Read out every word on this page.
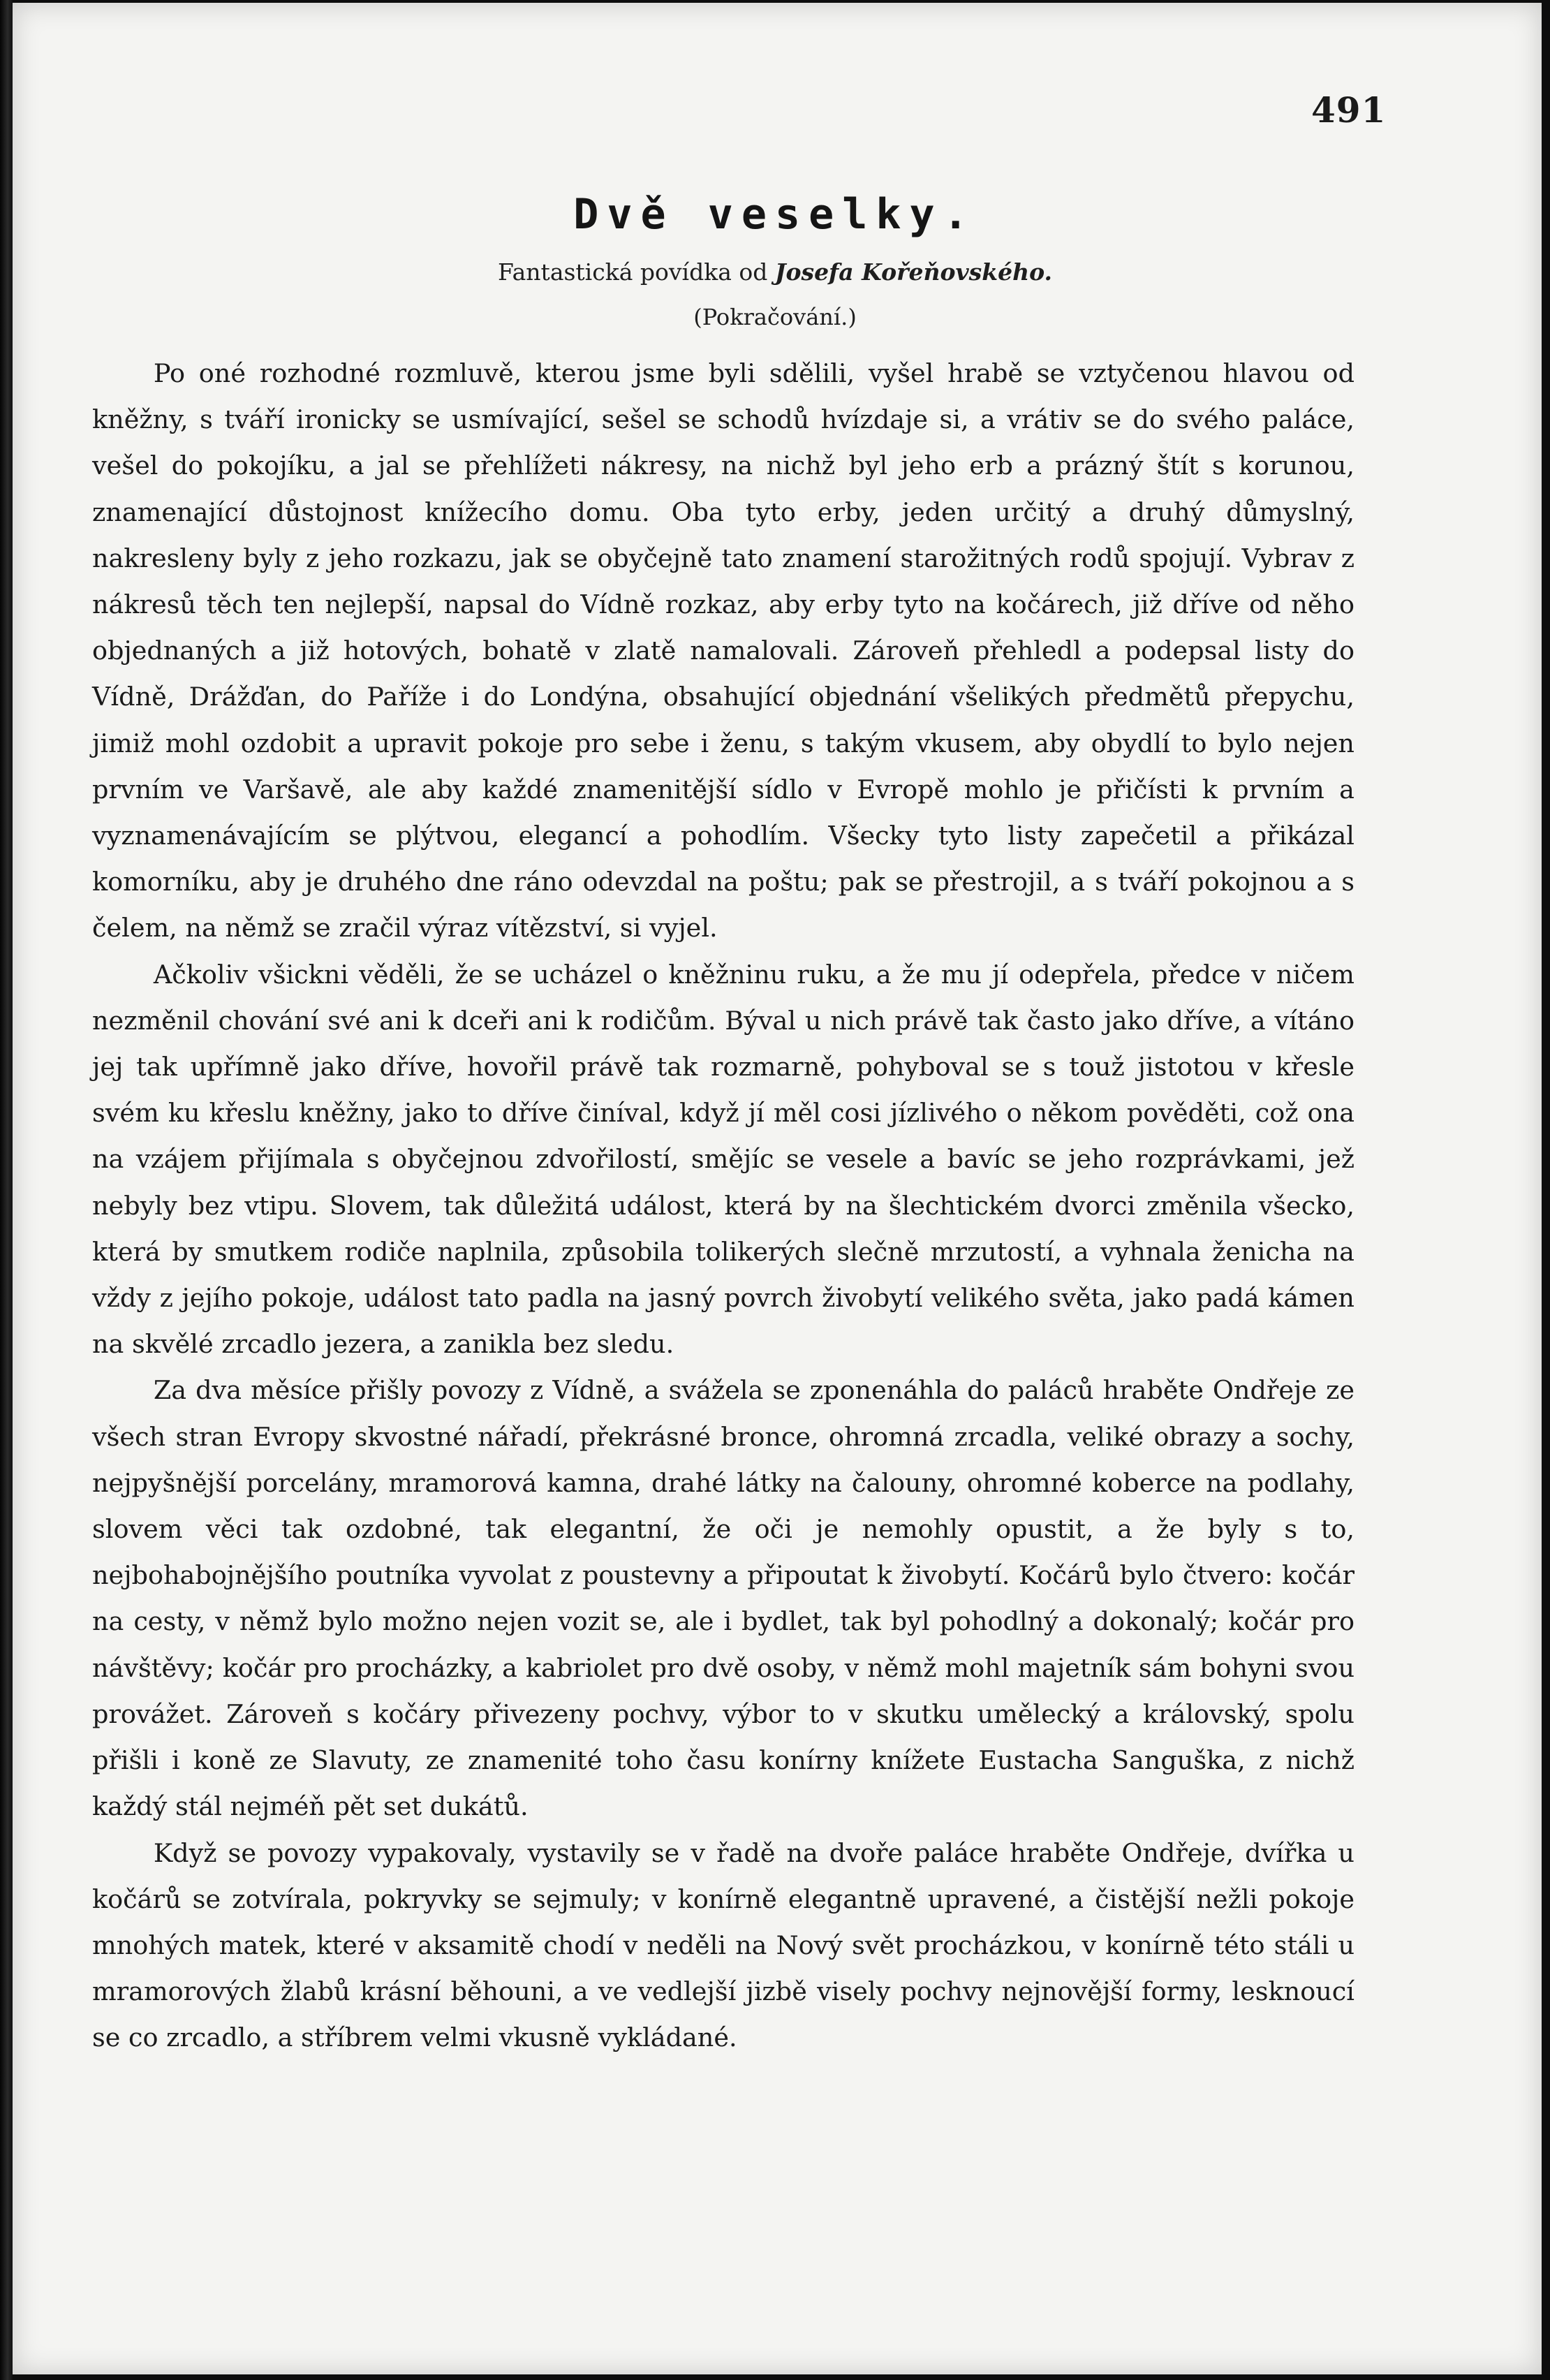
491
Dvě veselky.
Fantastická povídka od Josefa Kořeňovského.
(Pokračování.)

Po oné rozhodné rozmluvě, kterou jsme byli sdělili, vyšel hrabě se vztyčenou hlavou od kněžny, s tváří ironicky se usmívající, sešel se schodů hvízdaje si, a vrátiv se do svého paláce, vešel do pokojíku, a jal se přehlížeti nákresy, na nichž byl jeho erb a prázný štít s korunou, znamenající důstojnost knížecího domu. Oba tyto erby, jeden určitý a druhý důmyslný, nakresleny byly z jeho rozkazu, jak se obyčejně tato znamení starožitných rodů spojují. Vybrav z nákresů těch ten nejlepší, napsal do Vídně rozkaz, aby erby tyto na kočárech, již dříve od něho objednaných a již hotových, bohatě v zlatě namalovali. Zároveň přehledl a podepsal listy do Vídně, Drážďan, do Paříže i do Londýna, obsahující objednání všelikých předmětů přepychu, jimiž mohl ozdobit a upravit pokoje pro sebe i ženu, s takým vkusem, aby obydlí to bylo nejen prvním ve Varšavě, ale aby každé znamenitější sídlo v Evropě mohlo je přičísti k prvním a vyznamenávajícím se plýtvou, elegancí a pohodlím. Všecky tyto listy zapečetil a přikázal komorníku, aby je druhého dne ráno odevzdal na poštu; pak se přestrojil, a s tváří pokojnou a s čelem, na němž se zračil výraz vítězství, si vyjel.

Ačkoliv všickni věděli, že se ucházel o kněžninu ruku, a že mu jí odepřela, předce v ničem nezměnil chování své ani k dceři ani k rodičům. Býval u nich právě tak často jako dříve, a vítáno jej tak upřímně jako dříve, hovořil právě tak rozmarně, pohyboval se s touž jistotou v křesle svém ku křeslu kněžny, jako to dříve činíval, když jí měl cosi jízlivého o někom pověděti, což ona na vzájem přijímala s obyčejnou zdvořilostí, smějíc se vesele a bavíc se jeho rozprávkami, jež nebyly bez vtipu. Slovem, tak důležitá událost, která by na šlechtickém dvorci změnila všecko, která by smutkem rodiče naplnila, způsobila tolikerých slečně mrzutostí, a vyhnala ženicha na vždy z jejího pokoje, událost tato padla na jasný povrch živobytí velikého světa, jako padá kámen na skvělé zrcadlo jezera, a zanikla bez sledu.

Za dva měsíce přišly povozy z Vídně, a svážela se zponenáhla do paláců hraběte Ondřeje ze všech stran Evropy skvostné nářadí, překrásné bronce, ohromná zrcadla, veliké obrazy a sochy, nejpyšnější porcelány, mramorová kamna, drahé látky na čalouny, ohromné koberce na podlahy, slovem věci tak ozdobné, tak elegantní, že oči je nemohly opustit, a že byly s to, nejbohabojnějšího poutníka vyvolat z poustevny a připoutat k živobytí. Kočárů bylo čtvero: kočár na cesty, v němž bylo možno nejen vozit se, ale i bydlet, tak byl pohodlný a dokonalý; kočár pro návštěvy; kočár pro procházky, a kabriolet pro dvě osoby, v němž mohl majetník sám bohyni svou provážet. Zároveň s kočáry přivezeny pochvy, výbor to v skutku umělecký a královský, spolu přišli i koně ze Slavuty, ze znamenité toho času konírny knížete Eustacha Sanguška, z nichž každý stál nejméň pět set dukátů.

Když se povozy vypakovaly, vystavily se v řadě na dvoře paláce hraběte Ondřeje, dvířka u kočárů se zotvírala, pokryvky se sejmuly; v konírně elegantně upravené, a čistější nežli pokoje mnohých matek, které v aksamitě chodí v neděli na Nový svět procházkou, v konírně této stáli u mramorových žlabů krásní běhouni, a ve vedlejší jizbě visely pochvy nejnovější formy, lesknoucí se co zrcadlo, a stříbrem velmi vkusně vykládané.
